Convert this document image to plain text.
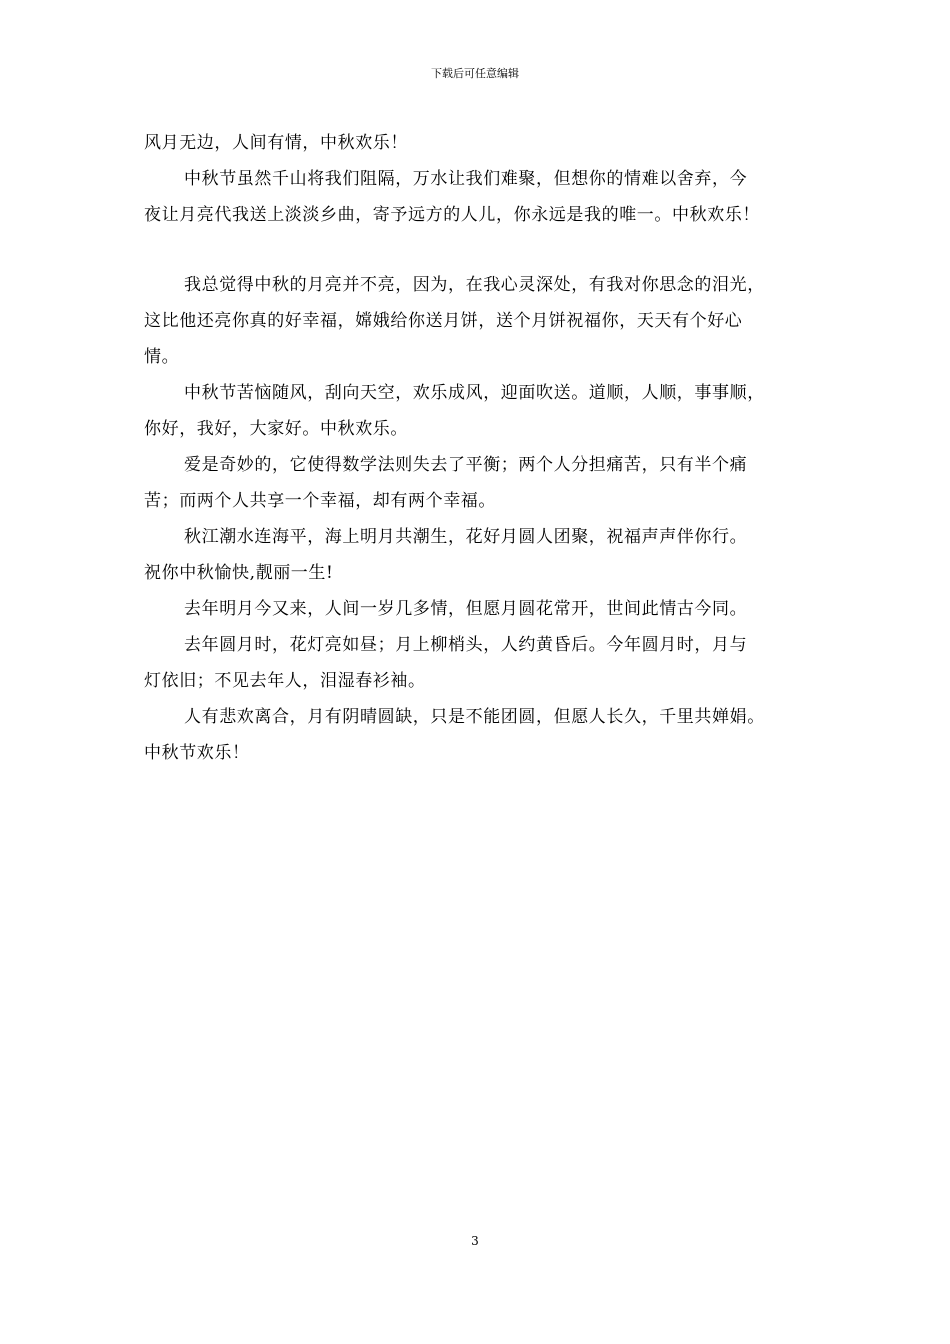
下载后可任意编辑
风月无边，人间有情，中秋欢乐！
中秋节虽然千山将我们阻隔，万水让我们难聚，但想你的情难以舍弃，今
夜让月亮代我送上淡淡乡曲，寄予远方的人儿，你永远是我的唯一。中秋欢乐！
我总觉得中秋的月亮并不亮，因为，在我心灵深处，有我对你思念的泪光，
这比他还亮你真的好幸福，嫦娥给你送月饼，送个月饼祝福你，天天有个好心
情。
中秋节苦恼随风，刮向天空，欢乐成风，迎面吹送。道顺，人顺，事事顺，
你好，我好，大家好。中秋欢乐。
爱是奇妙的，它使得数学法则失去了平衡；两个人分担痛苦，只有半个痛
苦；而两个人共享一个幸福，却有两个幸福。
秋江潮水连海平，海上明月共潮生，花好月圆人团聚，祝福声声伴你行。
祝你中秋愉快,靓丽一生!
去年明月今又来，人间一岁几多情，但愿月圆花常开，世间此情古今同。
去年圆月时，花灯亮如昼；月上柳梢头，人约黄昏后。今年圆月时，月与
灯依旧；不见去年人，泪湿春衫袖。
人有悲欢离合，月有阴晴圆缺，只是不能团圆，但愿人长久，千里共婵娟。
中秋节欢乐！
3
